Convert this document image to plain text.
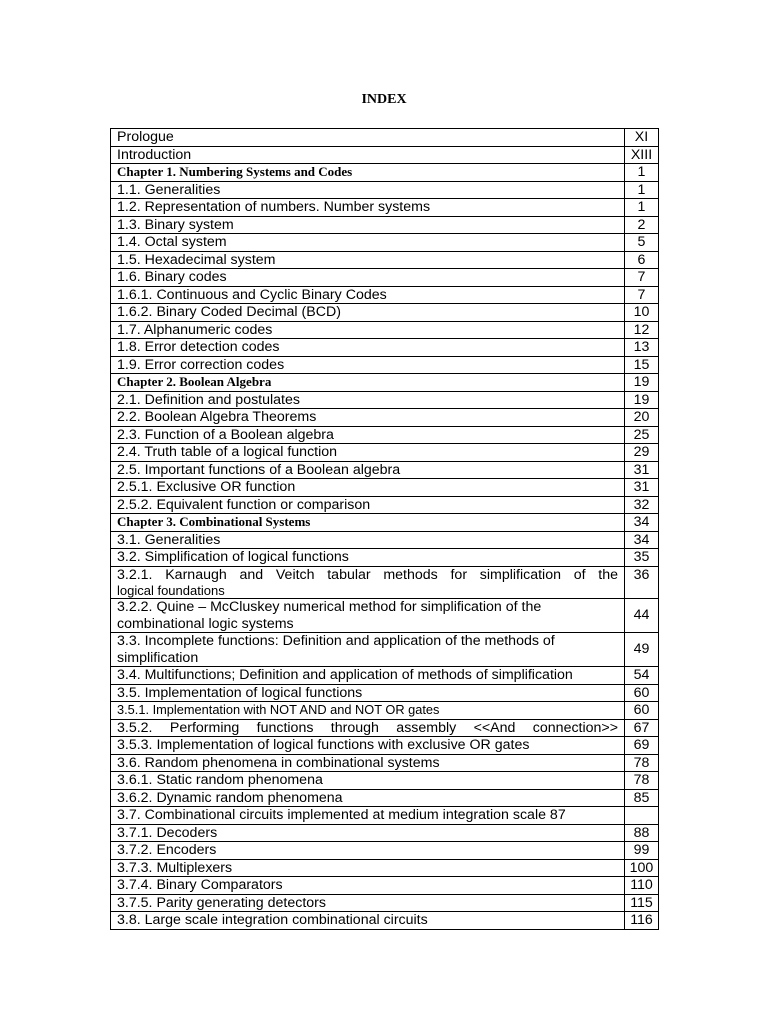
INDEX
Prologue	XI
Introduction	XIII
Chapter 1. Numbering Systems and Codes	1
1.1. Generalities	1
1.2. Representation of numbers. Number systems	1
1.3. Binary system	2
1.4. Octal system	5
1.5. Hexadecimal system	6
1.6. Binary codes	7
1.6.1. Continuous and Cyclic Binary Codes	7
1.6.2. Binary Coded Decimal (BCD)	10
1.7. Alphanumeric codes	12
1.8. Error detection codes	13
1.9. Error correction codes	15
Chapter 2. Boolean Algebra	19
2.1. Definition and postulates	19
2.2. Boolean Algebra Theorems	20
2.3. Function of a Boolean algebra	25
2.4. Truth table of a logical function	29
2.5. Important functions of a Boolean algebra	31
2.5.1. Exclusive OR function	31
2.5.2. Equivalent function or comparison	32
Chapter 3. Combinational Systems	34
3.1. Generalities	34
3.2. Simplification of logical functions	35
3.2.1. Karnaugh and Veitch tabular methods for simplification of the
logical foundations	36
3.2.2. Quine – McCluskey numerical method for simplification of the combinational logic systems	44
3.3. Incomplete functions: Definition and application of the methods of simplification	49
3.4. Multifunctions; Definition and application of methods of simplification	54
3.5. Implementation of logical functions	60
3.5.1. Implementation with NOT AND and NOT OR gates	60
3.5.2. Performing functions through assembly <<And connection>>	67
3.5.3. Implementation of logical functions with exclusive OR gates	69
3.6. Random phenomena in combinational systems	78
3.6.1. Static random phenomena	78
3.6.2. Dynamic random phenomena	85
3.7. Combinational circuits implemented at medium integration scale 87	
3.7.1. Decoders	88
3.7.2. Encoders	99
3.7.3. Multiplexers	100
3.7.4. Binary Comparators	110
3.7.5. Parity generating detectors	115
3.8. Large scale integration combinational circuits	116
